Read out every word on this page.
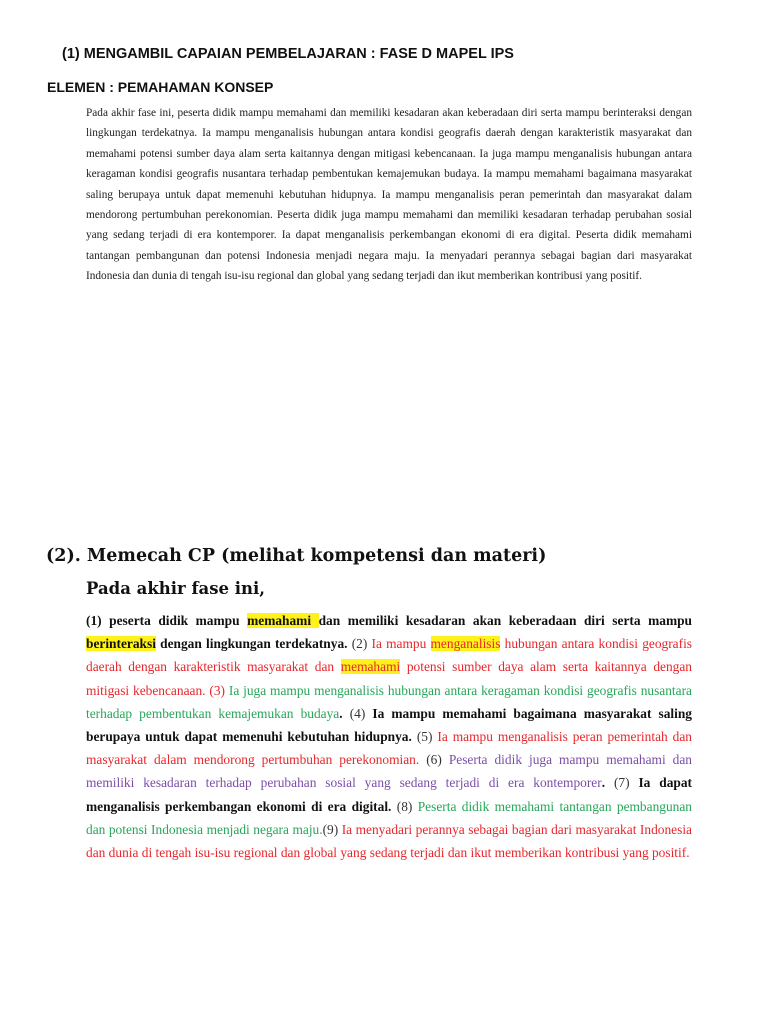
(1) MENGAMBIL CAPAIAN PEMBELAJARAN : FASE D MAPEL IPS
ELEMEN : PEMAHAMAN KONSEP
Pada akhir fase ini, peserta didik mampu memahami dan memiliki kesadaran akan keberadaan diri serta mampu berinteraksi dengan lingkungan terdekatnya. Ia mampu menganalisis hubungan antara kondisi geografis daerah dengan karakteristik masyarakat dan memahami potensi sumber daya alam serta kaitannya dengan mitigasi kebencanaan. Ia juga mampu menganalisis hubungan antara keragaman kondisi geografis nusantara terhadap pembentukan kemajemukan budaya. Ia mampu memahami bagaimana masyarakat saling berupaya untuk dapat memenuhi kebutuhan hidupnya. Ia mampu menganalisis peran pemerintah dan masyarakat dalam mendorong pertumbuhan perekonomian. Peserta didik juga mampu memahami dan memiliki kesadaran terhadap perubahan sosial yang sedang terjadi di era kontemporer. Ia dapat menganalisis perkembangan ekonomi di era digital. Peserta didik memahami tantangan pembangunan dan potensi Indonesia menjadi negara maju. Ia menyadari perannya sebagai bagian dari masyarakat Indonesia dan dunia di tengah isu-isu regional dan global yang sedang terjadi dan ikut memberikan kontribusi yang positif.
(2). Memecah CP (melihat kompetensi dan materi)
Pada akhir fase ini,
(1) peserta didik mampu memahami dan memiliki kesadaran akan keberadaan diri serta mampu berinteraksi dengan lingkungan terdekatnya. (2) Ia mampu menganalisis hubungan antara kondisi geografis daerah dengan karakteristik masyarakat dan memahami potensi sumber daya alam serta kaitannya dengan mitigasi kebencanaan. (3) Ia juga mampu menganalisis hubungan antara keragaman kondisi geografis nusantara terhadap pembentukan kemajemukan budaya. (4) Ia mampu memahami bagaimana masyarakat saling berupaya untuk dapat memenuhi kebutuhan hidupnya. (5) Ia mampu menganalisis peran pemerintah dan masyarakat dalam mendorong pertumbuhan perekonomian. (6) Peserta didik juga mampu memahami dan memiliki kesadaran terhadap perubahan sosial yang sedang terjadi di era kontemporer. (7) Ia dapat menganalisis perkembangan ekonomi di era digital. (8) Peserta didik memahami tantangan pembangunan dan potensi Indonesia menjadi negara maju.(9) Ia menyadari perannya sebagai bagian dari masyarakat Indonesia dan dunia di tengah isu-isu regional dan global yang sedang terjadi dan ikut memberikan kontribusi yang positif.
